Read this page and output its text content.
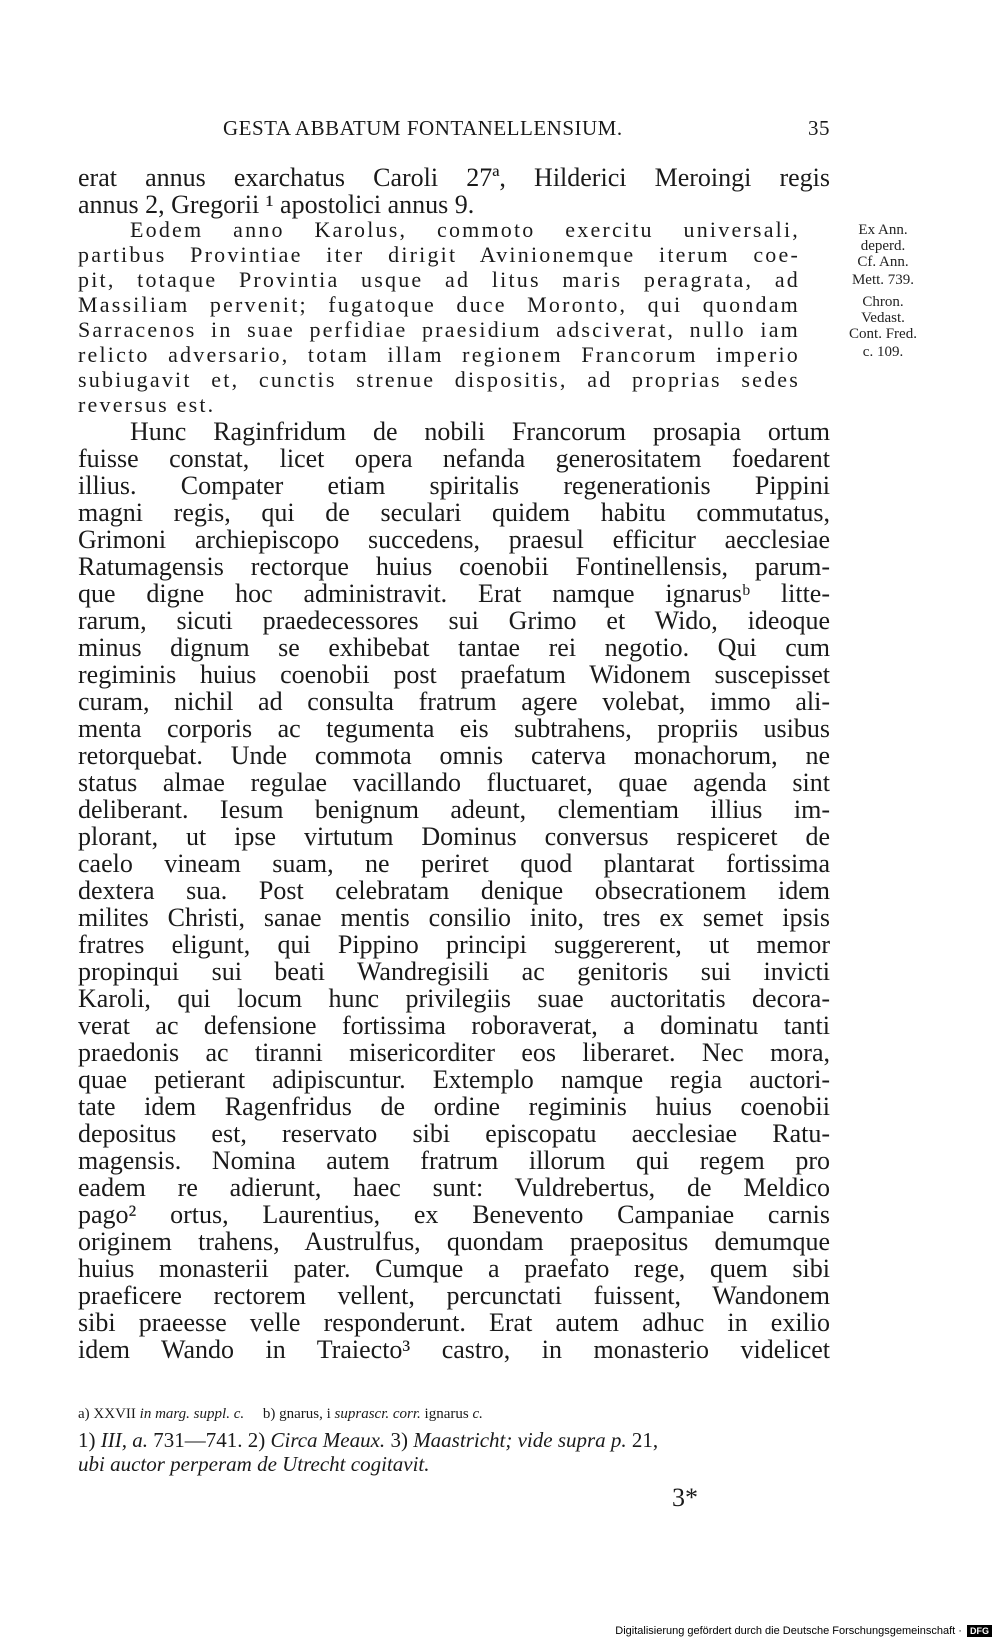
GESTA ABBATUM FONTANELLENSIUM.	35
erat annus exarchatus Caroli 27ª, Hilderici Meroingi regis
annus 2, Gregorii ¹ apostolici annus 9.
Eodem anno Karolus, commoto exercitu universali,
partibus Provintiae iter dirigit Avinionemque iterum coe-
pit, totaque Provintia usque ad litus maris peragrata, ad
Massiliam pervenit; fugatoque duce Moronto, qui quondam
Sarracenos in suae perfidiae praesidium adsciverat, nullo iam
relicto adversario, totam illam regionem Francorum imperio
subiugavit et, cunctis strenue dispositis, ad proprias sedes
reversus est.
Hunc Raginfridum de nobili Francorum prosapia ortum
fuisse constat, licet opera nefanda generositatem foedarent
illius. Compater etiam spiritalis regenerationis Pippini
magni regis, qui de seculari quidem habitu commutatus,
Grimoni archiepiscopo succedens, praesul efficitur aecclesiae
Ratumagensis rectorque huius coenobii Fontinellensis, parum-
que digne hoc administravit. Erat namque ignarusᵇ litte-
rarum, sicuti praedecessores sui Grimo et Wido, ideoque
minus dignum se exhibebat tantae rei negotio. Qui cum
regiminis huius coenobii post praefatum Widonem suscepisset
curam, nichil ad consulta fratrum agere volebat, immo ali-
menta corporis ac tegumenta eis subtrahens, propriis usibus
retorquebat. Unde commota omnis caterva monachorum, ne
status almae regulae vacillando fluctuaret, quae agenda sint
deliberant. Iesum benignum adeunt, clementiam illius im-
plorant, ut ipse virtutum Dominus conversus respiceret de
caelo vineam suam, ne periret quod plantarat fortissima
dextera sua. Post celebratam denique obsecrationem idem
milites Christi, sanae mentis consilio inito, tres ex semet ipsis
fratres eligunt, qui Pippino principi suggererent, ut memor
propinqui sui beati Wandregisili ac genitoris sui invicti
Karoli, qui locum hunc privilegiis suae auctoritatis decora-
verat ac defensione fortissima roboraverat, a dominatu tanti
praedonis ac tiranni misericorditer eos liberaret. Nec mora,
quae petierant adipiscuntur. Extemplo namque regia auctori-
tate idem Ragenfridus de ordine regiminis huius coenobii
depositus est, reservato sibi episcopatu aecclesiae Ratu-
magensis. Nomina autem fratrum illorum qui regem pro
eadem re adierunt, haec sunt: Vuldrebertus, de Meldico
pago² ortus, Laurentius, ex Benevento Campaniae carnis
originem trahens, Austrulfus, quondam praepositus demumque
huius monasterii pater. Cumque a praefato rege, quem sibi
praeficere rectorem vellent, percunctati fuissent, Wandonem
sibi praeesse velle responderunt. Erat autem adhuc in exilio
idem Wando in Traiecto³ castro, in monasterio videlicet
Ex Ann.
deperd.
Cf. Ann.
Mett. 739.
Chron.
Vedast.
Cont. Fred.
c. 109.
a) XXVII in marg. suppl. c. b) gnarus, i suprascr. corr. ignarus c.
1) III, a. 731—741. 2) Circa Meaux. 3) Maastricht; vide supra p. 21,
ubi auctor perperam de Utrecht cogitavit.
3*
Digitalisierung gefördert durch die Deutsche Forschungsgemeinschaft · DFG
